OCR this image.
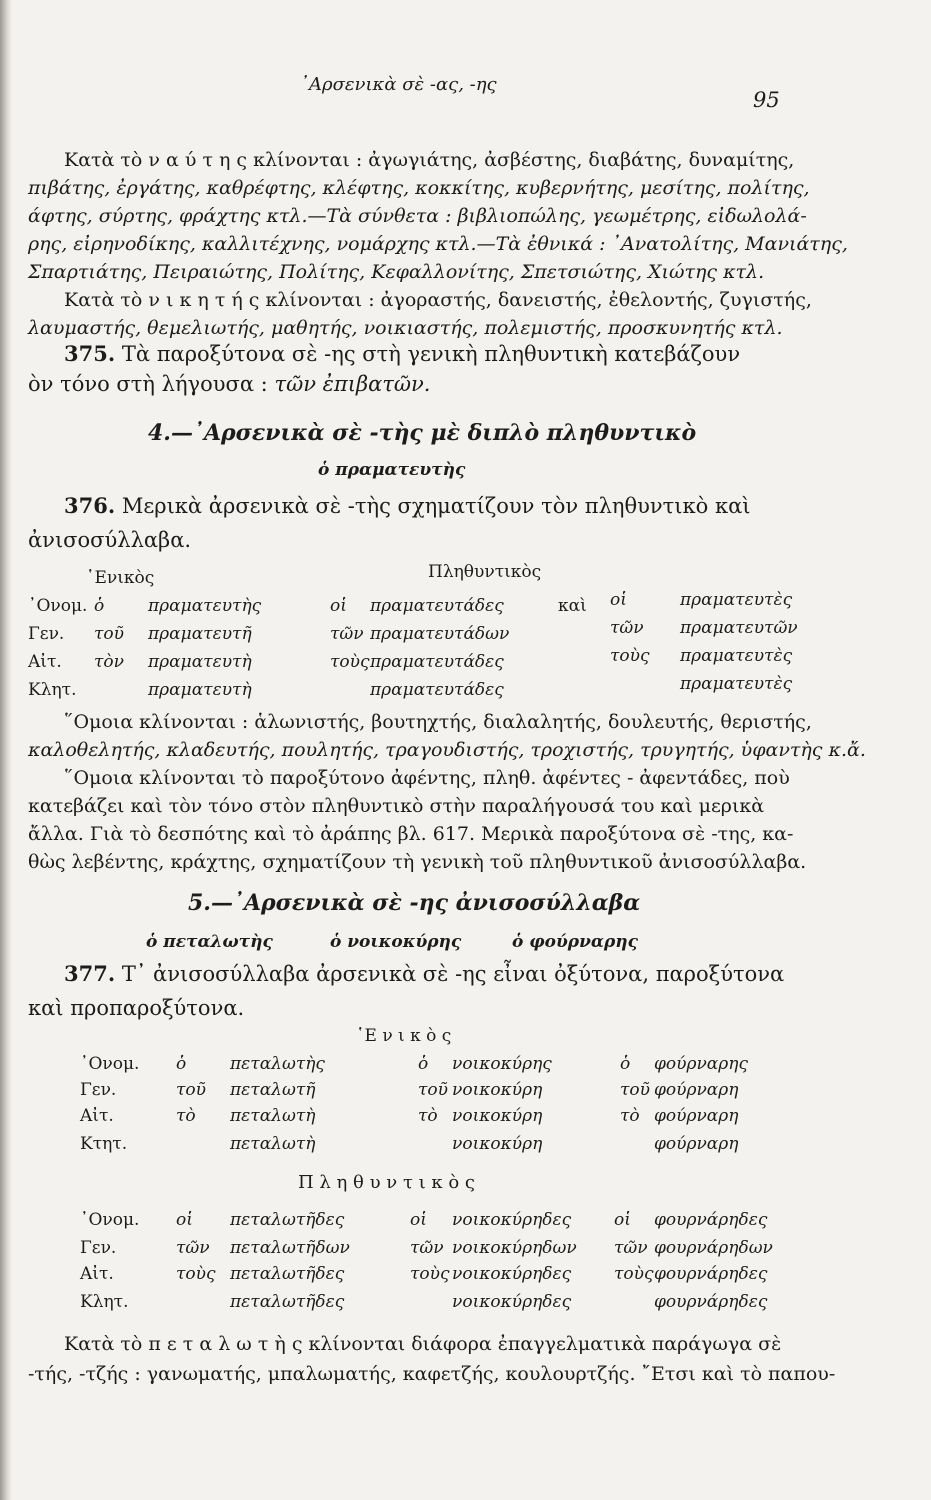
᾿Αρσενικὰ σὲ -ας, -ης
95
Κατὰ τὸ ν α ύ τ η ς κλίνονται : ἀγωγιάτης, ἀσβέστης, διαβάτης, δυναμίτης,
πιβάτης, ἐργάτης, καθρέφτης, κλέφτης, κοκκίτης, κυβερνήτης, μεσίτης, πολίτης,
άφτης, σύρτης, φράχτης κτλ.—Τὰ σύνθετα : βιβλιοπώλης, γεωμέτρης, εἰδωλολά-
ρης, εἰρηνοδίκης, καλλιτέχνης, νομάρχης κτλ.—Τὰ ἐθνικά : ᾿Ανατολίτης, Μανιάτης,
Σπαρτιάτης, Πειραιώτης, Πολίτης, Κεφαλλονίτης, Σπετσιώτης, Χιώτης κτλ.
Κατὰ τὸ ν ι κ η τ ή ς κλίνονται : ἀγοραστής, δανειστής, ἐθελοντής, ζυγιστής,
λαυμαστής, θεμελιωτής, μαθητής, νοικιαστής, πολεμιστής, προσκυνητής κτλ.
375. Τὰ παροξύτονα σὲ -ης στὴ γενικὴ πληθυντικὴ κατεβάζουν
ὸν τόνο στὴ λήγουσα : τῶν ἐπιβατῶν.
4.—᾿Αρσενικὰ σὲ -τὴς μὲ διπλὸ πληθυντικὸ
ὁ πραματευτὴς
376. Μερικὰ ἀρσενικὰ σὲ -τὴς σχηματίζουν τὸν πληθυντικὸ καὶ
ἀνισοσύλλαβα.
῾Ενικὸς	Πληθυντικὸς
καὶ
᾿Ονομ. ὁ	πραματευτὴς	οἱ πραματευτάδες	οἱ	πραματευτὲς
Γεν. τοῦ πραματευτῆ	τῶν πραματευτάδων	τῶν πραματευτῶν
Αἰτ. τὸν πραματευτὴ	τοὺς πραματευτάδες	τοὺς πραματευτὲς
Κλητ.	πραματευτὴ	πραματευτάδες	πραματευτὲς
῞Ομοια κλίνονται : ἁλωνιστής, βουτηχτής, διαλαλητής, δουλευτής, θεριστής,
καλοθελητής, κλαδευτής, πουλητής, τραγουδιστής, τροχιστής, τρυγητής, ὑφαντὴς κ.ἄ.
῞Ομοια κλίνονται τὸ παροξύτονο ἀφέντης, πληθ. ἀφέντες - ἀφεντάδες, ποὺ
κατεβάζει καὶ τὸν τόνο στὸν πληθυντικὸ στὴν παραλήγουσά του καὶ μερικὰ
ἄλλα. Γιὰ τὸ δεσπότης καὶ τὸ ἀράπης βλ. 617. Μερικὰ παροξύτονα σὲ -της, κα-
θὼς λεβέντης, κράχτης, σχηματίζουν τὴ γενικὴ τοῦ πληθυντικοῦ ἀνισοσύλλαβα.
5.—᾿Αρσενικὰ σὲ -ης ἀνισοσύλλαβα
ὁ πεταλωτὴς	ὁ νοικοκύρης	ὁ φούρναρης
377. Τ᾿ ἀνισοσύλλαβα ἀρσενικὰ σὲ -ης εἶναι ὀξύτονα, παροξύτονα
καὶ προπαροξύτονα.
῾Ε ν ι κ ὸ ς
᾿Ονομ. ὁ	πεταλωτὴς	ὁ νοικοκύρης	ὁ φούρναρης
Γεν.	τοῦ πεταλωτῆ	τοῦ νοικοκύρη	τοῦ φούρναρη
Αἰτ.	τὸ πεταλωτὴ	τὸ νοικοκύρη	τὸ φούρναρη
Κτητ.	πεταλωτὴ	νοικοκύρη	φούρναρη
Π λ η θ υ ν τ ι κ ὸ ς
᾿Ονομ. οἱ πεταλωτῆδες	οἱ νοικοκύρηδες	οἱ φουρνάρηδες
Γεν.	τῶν πεταλωτῆδων	τῶν νοικοκύρηδων τῶν φουρνάρηδων
Αἰτ.	τοὺς πεταλωτῆδες	τοὺς νοικοκύρηδες	τοὺς φουρνάρηδες
Κλητ.	πεταλωτῆδες	νοικοκύρηδες	φουρνάρηδες
Κατὰ τὸ π ε τ α λ ω τ ὴ ς κλίνονται διάφορα ἐπαγγελματικὰ παράγωγα σὲ
-τής, -τζής : γανωματής, μπαλωματής, καφετζής, κουλουρτζής. ῎Ετσι καὶ τὸ παπου-
